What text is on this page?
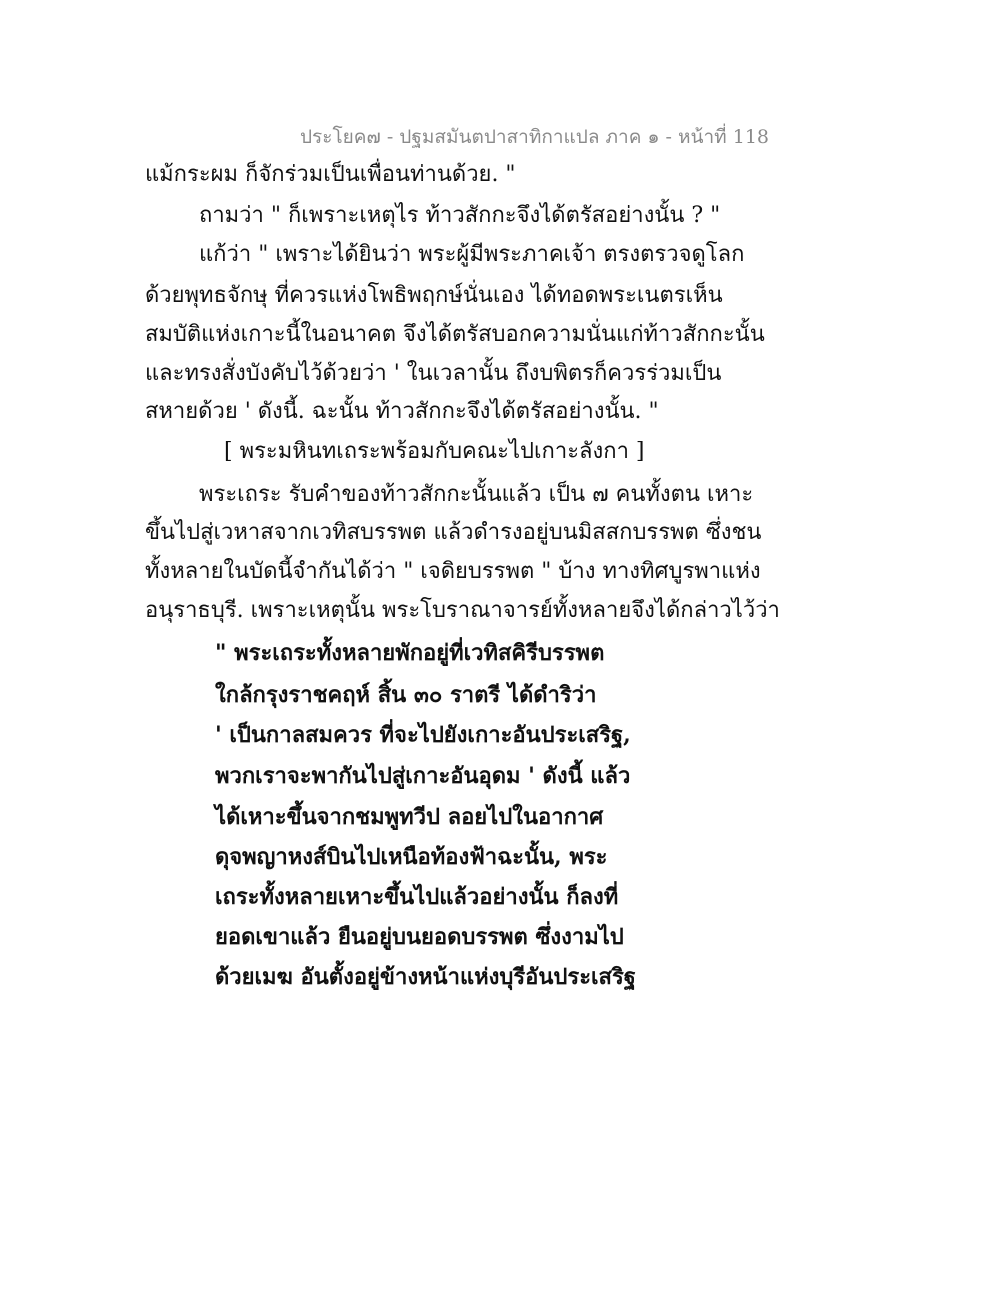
ประโยค๗ - ปฐมสมันตปาสาทิกาแปล ภาค ๑ - หน้าที่ 118
แม้กระผม ก็จักร่วมเป็นเพื่อนท่านด้วย. "
ถามว่า " ก็เพราะเหตุไร ท้าวสักกะจึงได้ตรัสอย่างนั้น ? "
แก้ว่า " เพราะได้ยินว่า พระผู้มีพระภาคเจ้า ตรงตรวจดูโลก
ด้วยพุทธจักษุ ที่ควรแห่งโพธิพฤกษ์นั่นเอง ได้ทอดพระเนตรเห็น
สมบัติแห่งเกาะนี้ในอนาคต จึงได้ตรัสบอกความนั่นแก่ท้าวสักกะนั้น
และทรงสั่งบังคับไว้ด้วยว่า ' ในเวลานั้น ถึงบพิตรก็ควรร่วมเป็น
สหายด้วย ' ดังนี้. ฉะนั้น ท้าวสักกะจึงได้ตรัสอย่างนั้น. "
[ พระมหินทเถระพร้อมกับคณะไปเกาะลังกา ]
พระเถระ รับคำของท้าวสักกะนั้นแล้ว เป็น ๗ คนทั้งตน เหาะ
ขึ้นไปสู่เวหาสจากเวทิสบรรพต แล้วดำรงอยู่บนมิสสกบรรพต ซึ่งชน
ทั้งหลายในบัดนี้จำกันได้ว่า " เจดิยบรรพต " บ้าง ทางทิศบูรพาแห่ง
อนุราธบุรี. เพราะเหตุนั้น พระโบราณาจารย์ทั้งหลายจึงได้กล่าวไว้ว่า
" พระเถระทั้งหลายพักอยู่ที่เวทิสคิรีบรรพต
ใกล้กรุงราชคฤห์ สิ้น ๓๐ ราตรี ได้ดำริว่า
' เป็นกาลสมควร ที่จะไปยังเกาะอันประเสริฐ,
พวกเราจะพากันไปสู่เกาะอันอุดม ' ดังนี้ แล้ว
ได้เหาะขึ้นจากชมพูทวีป ลอยไปในอากาศ
ดุจพญาหงส์บินไปเหนือท้องฟ้าฉะนั้น, พระ
เถระทั้งหลายเหาะขึ้นไปแล้วอย่างนั้น ก็ลงที่
ยอดเขาแล้ว ยืนอยู่บนยอดบรรพต ซึ่งงามไป
ด้วยเมฆ อันตั้งอยู่ข้างหน้าแห่งบุรีอันประเสริฐ
